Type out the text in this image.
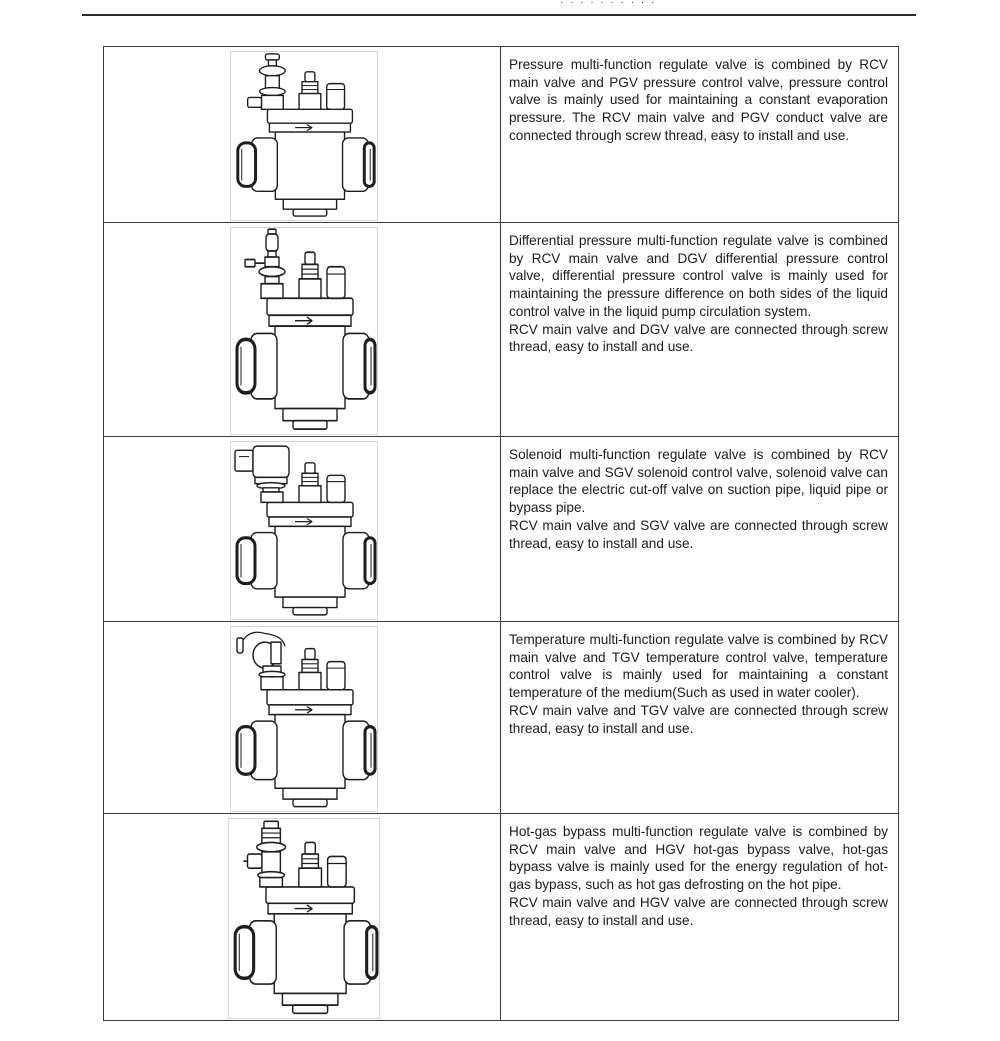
· · · · · · · · · ·

Pressure multi-function regulate valve is combined by RCV main valve and PGV pressure control valve, pressure control valve is mainly used for maintaining a constant evaporation pressure. The RCV main valve and PGV conduct valve are connected through screw thread, easy to install and use.

Differential pressure multi-function regulate valve is combined by RCV main valve and DGV differential pressure control valve, differential pressure control valve is mainly used for maintaining the pressure difference on both sides of the liquid control valve in the liquid pump circulation system.

RCV main valve and DGV valve are connected through screw thread, easy to install and use.

Solenoid multi-function regulate valve is combined by RCV main valve and SGV solenoid control valve, solenoid valve can replace the electric cut-off valve on suction pipe, liquid pipe or bypass pipe.

RCV main valve and SGV valve are connected through screw thread, easy to install and use.

Temperature multi-function regulate valve is combined by RCV main valve and TGV temperature control valve, temperature control valve is mainly used for maintaining a constant temperature of the medium(Such as used in water cooler).

RCV main valve and TGV valve are connected through screw thread, easy to install and use.

Hot-gas bypass multi-function regulate valve is combined by RCV main valve and HGV hot-gas bypass valve, hot-gas bypass valve is mainly used for the energy regulation of hot-gas bypass, such as hot gas defrosting on the hot pipe.

RCV main valve and HGV valve are connected through screw thread, easy to install and use.
